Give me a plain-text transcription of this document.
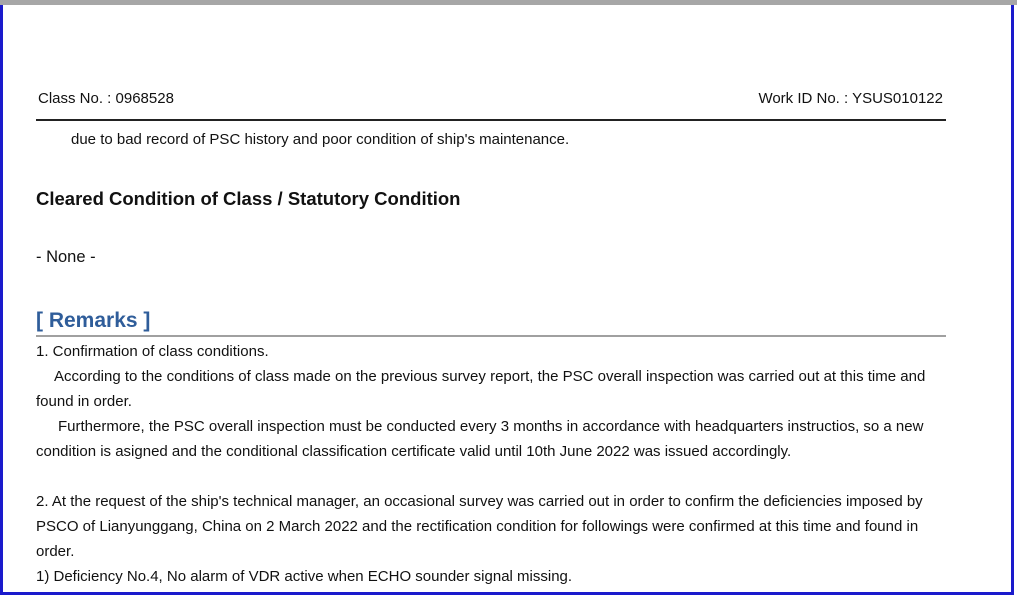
Class No. : 0968528	Work ID No. : YSUS010122
due to bad record of PSC history and poor condition of ship's maintenance.
Cleared Condition of Class / Statutory Condition
- None -
[ Remarks ]
1. Confirmation of class conditions.
According to the conditions of class made on the previous survey report, the PSC overall inspection was carried out at this time and
found in order.
Furthermore, the PSC overall inspection must be conducted every 3 months in accordance with headquarters instructios, so a new
condition is asigned and the conditional classification certificate valid until 10th June 2022 was issued accordingly.
2. At the request of the ship's technical manager, an occasional survey was carried out in order to confirm the deficiencies imposed by
PSCO of Lianyunggang, China on 2 March 2022 and the rectification condition for followings were confirmed at this time and found in
order.
1) Deficiency No.4, No alarm of VDR active when ECHO sounder signal missing.
